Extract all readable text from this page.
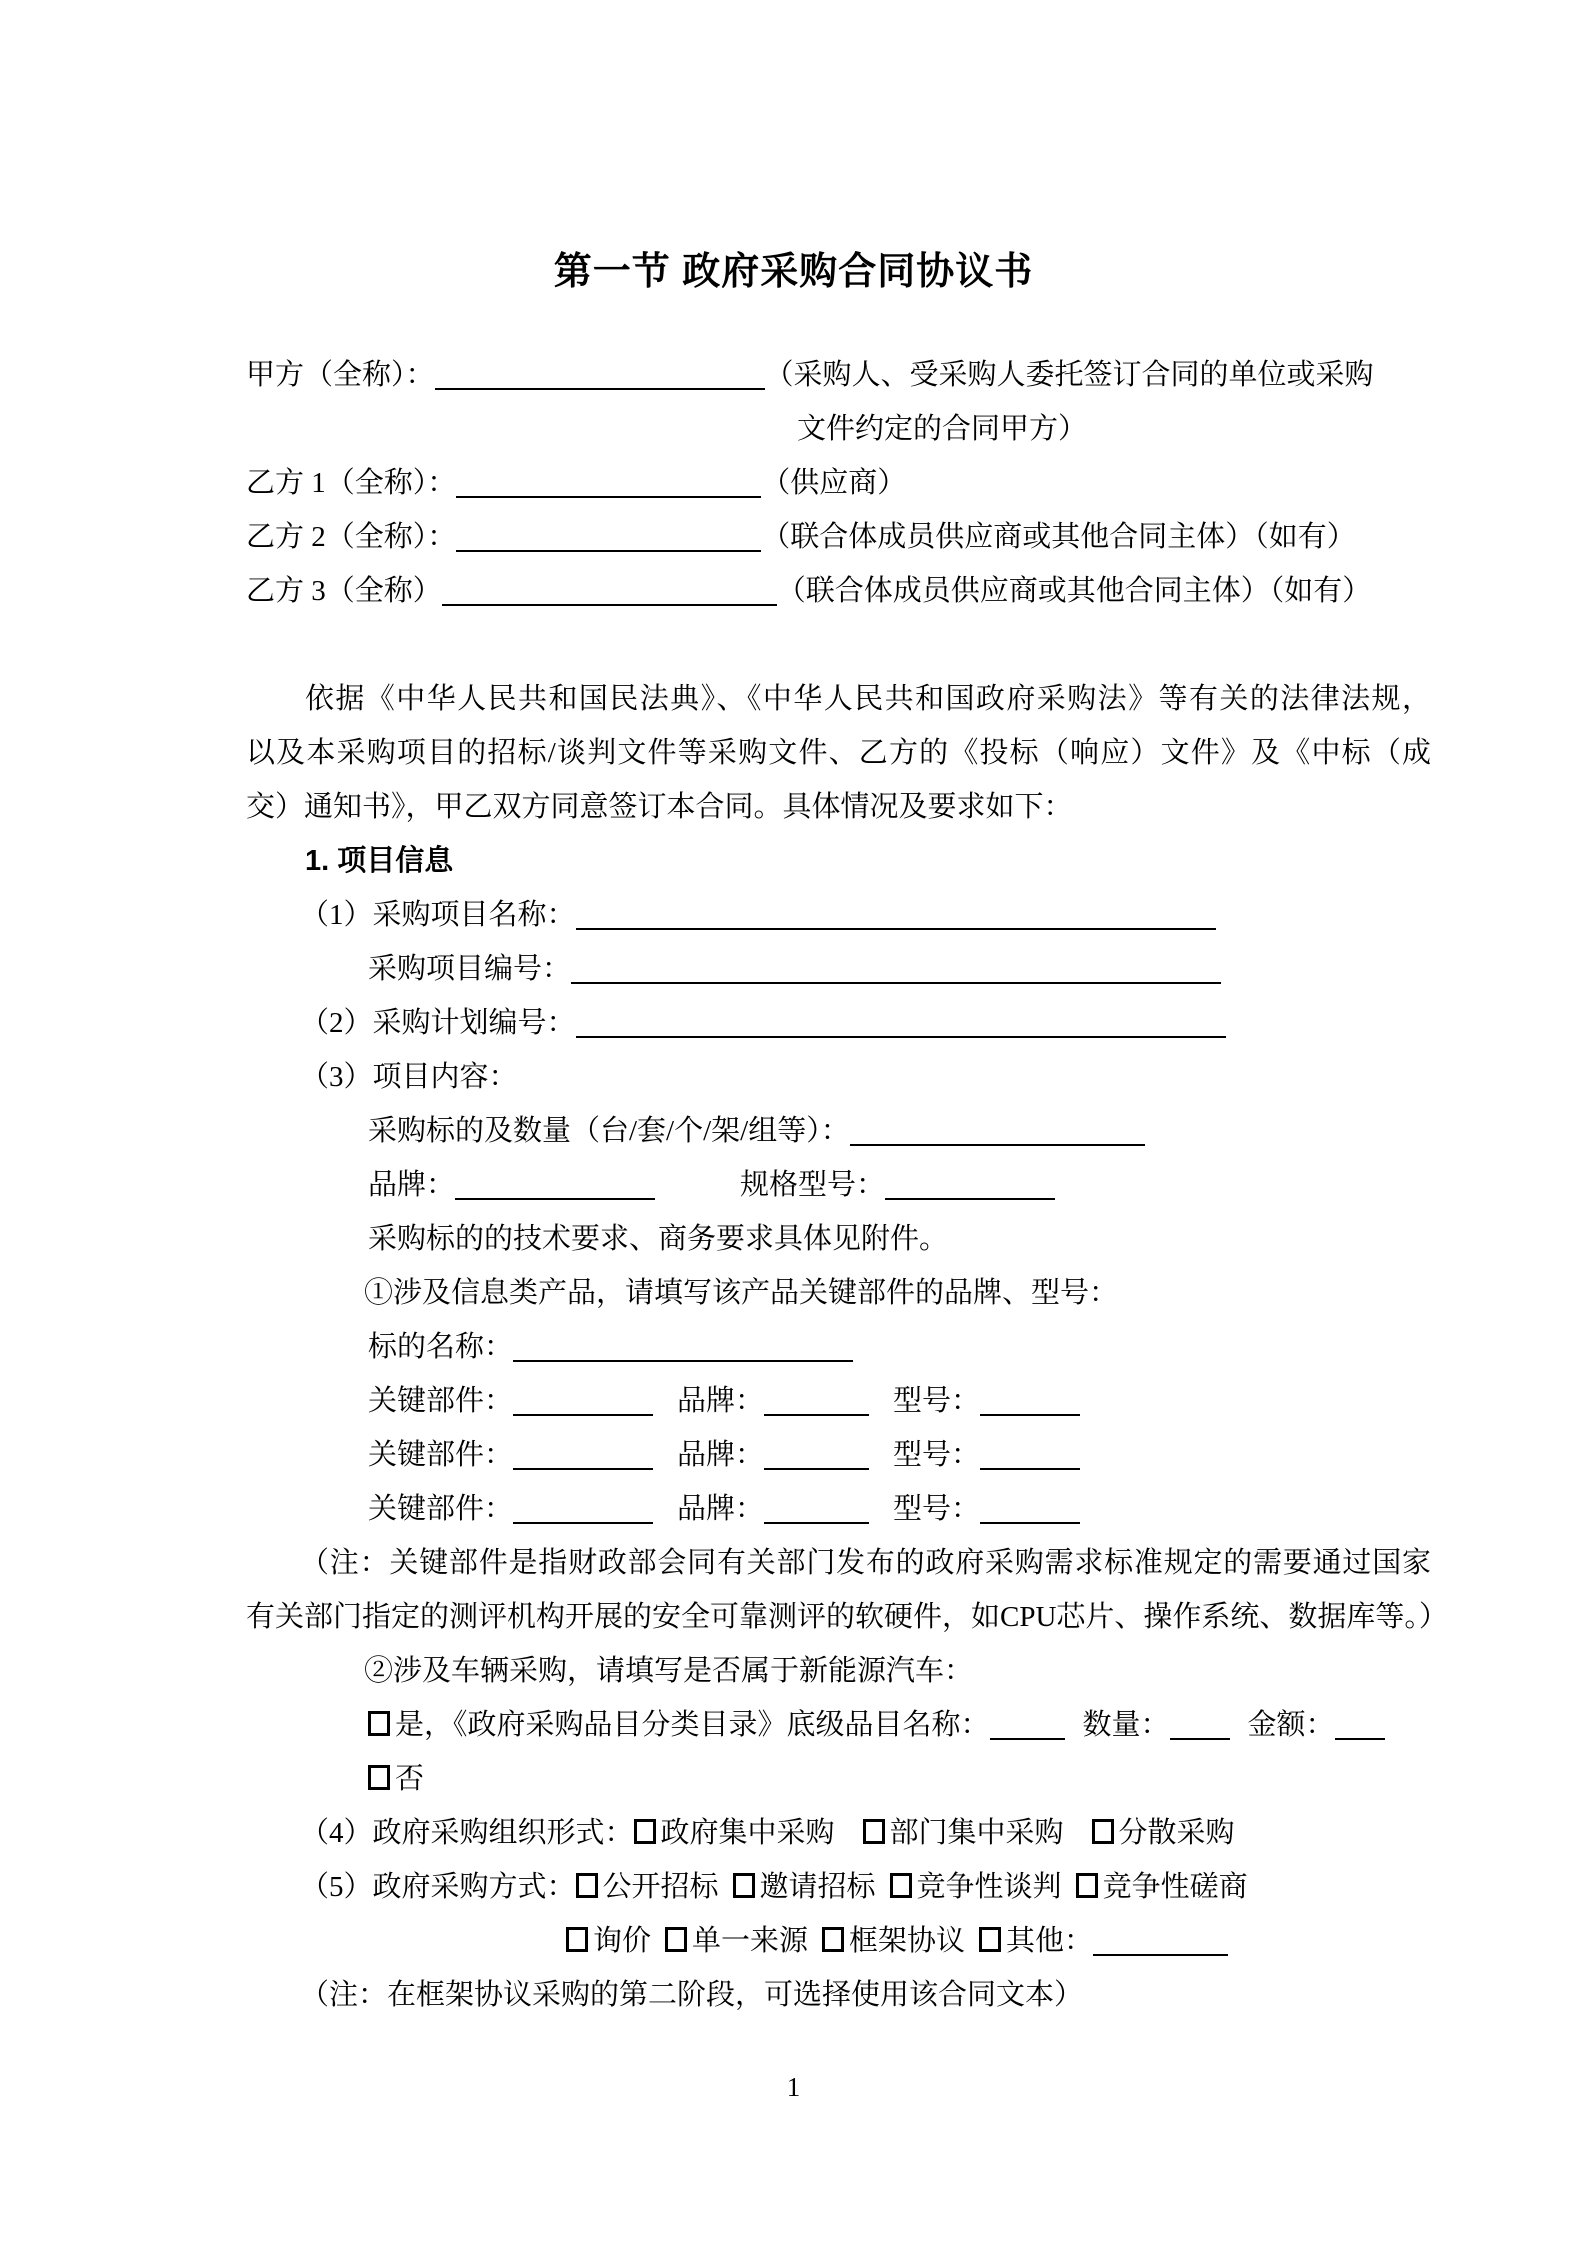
第一节 政府采购合同协议书
甲方（全称）：	（采购人、受采购人委托签订合同的单位或采购
文件约定的合同甲方）
乙方 1（全称）：	（供应商）
乙方 2（全称）：	（联合体成员供应商或其他合同主体）（如有）
乙方 3（全称）	（联合体成员供应商或其他合同主体）（如有）
依据《中华人民共和国民法典》、《中华人民共和国政府采购法》等有关的法律法规，
以及本采购项目的招标/谈判文件等采购文件、乙方的《投标（响应）文件》及《中标（成
交）通知书》，甲乙双方同意签订本合同。具体情况及要求如下：
1. 项目信息
（1）采购项目名称：
采购项目编号：
（2）采购计划编号：
（3）项目内容：
采购标的及数量（台/套/个/架/组等）：
品牌：	规格型号：
采购标的的技术要求、商务要求具体见附件。
①涉及信息类产品，请填写该产品关键部件的品牌、型号：
标的名称：
关键部件：	品牌：	型号：
关键部件：	品牌：	型号：
关键部件：	品牌：	型号：
（注：关键部件是指财政部会同有关部门发布的政府采购需求标准规定的需要通过国家
有关部门指定的测评机构开展的安全可靠测评的软硬件，如CPU芯片、操作系统、数据库等。）
②涉及车辆采购，请填写是否属于新能源汽车：
是，《政府采购品目分类目录》底级品目名称：	数量：	金额：
否
（4）政府采购组织形式： 政府集中采购 部门集中采购 分散采购
（5）政府采购方式： 公开招标 邀请招标 竞争性谈判 竞争性磋商
询价 单一来源 框架协议 其他：
（注：在框架协议采购的第二阶段，可选择使用该合同文本）
1
